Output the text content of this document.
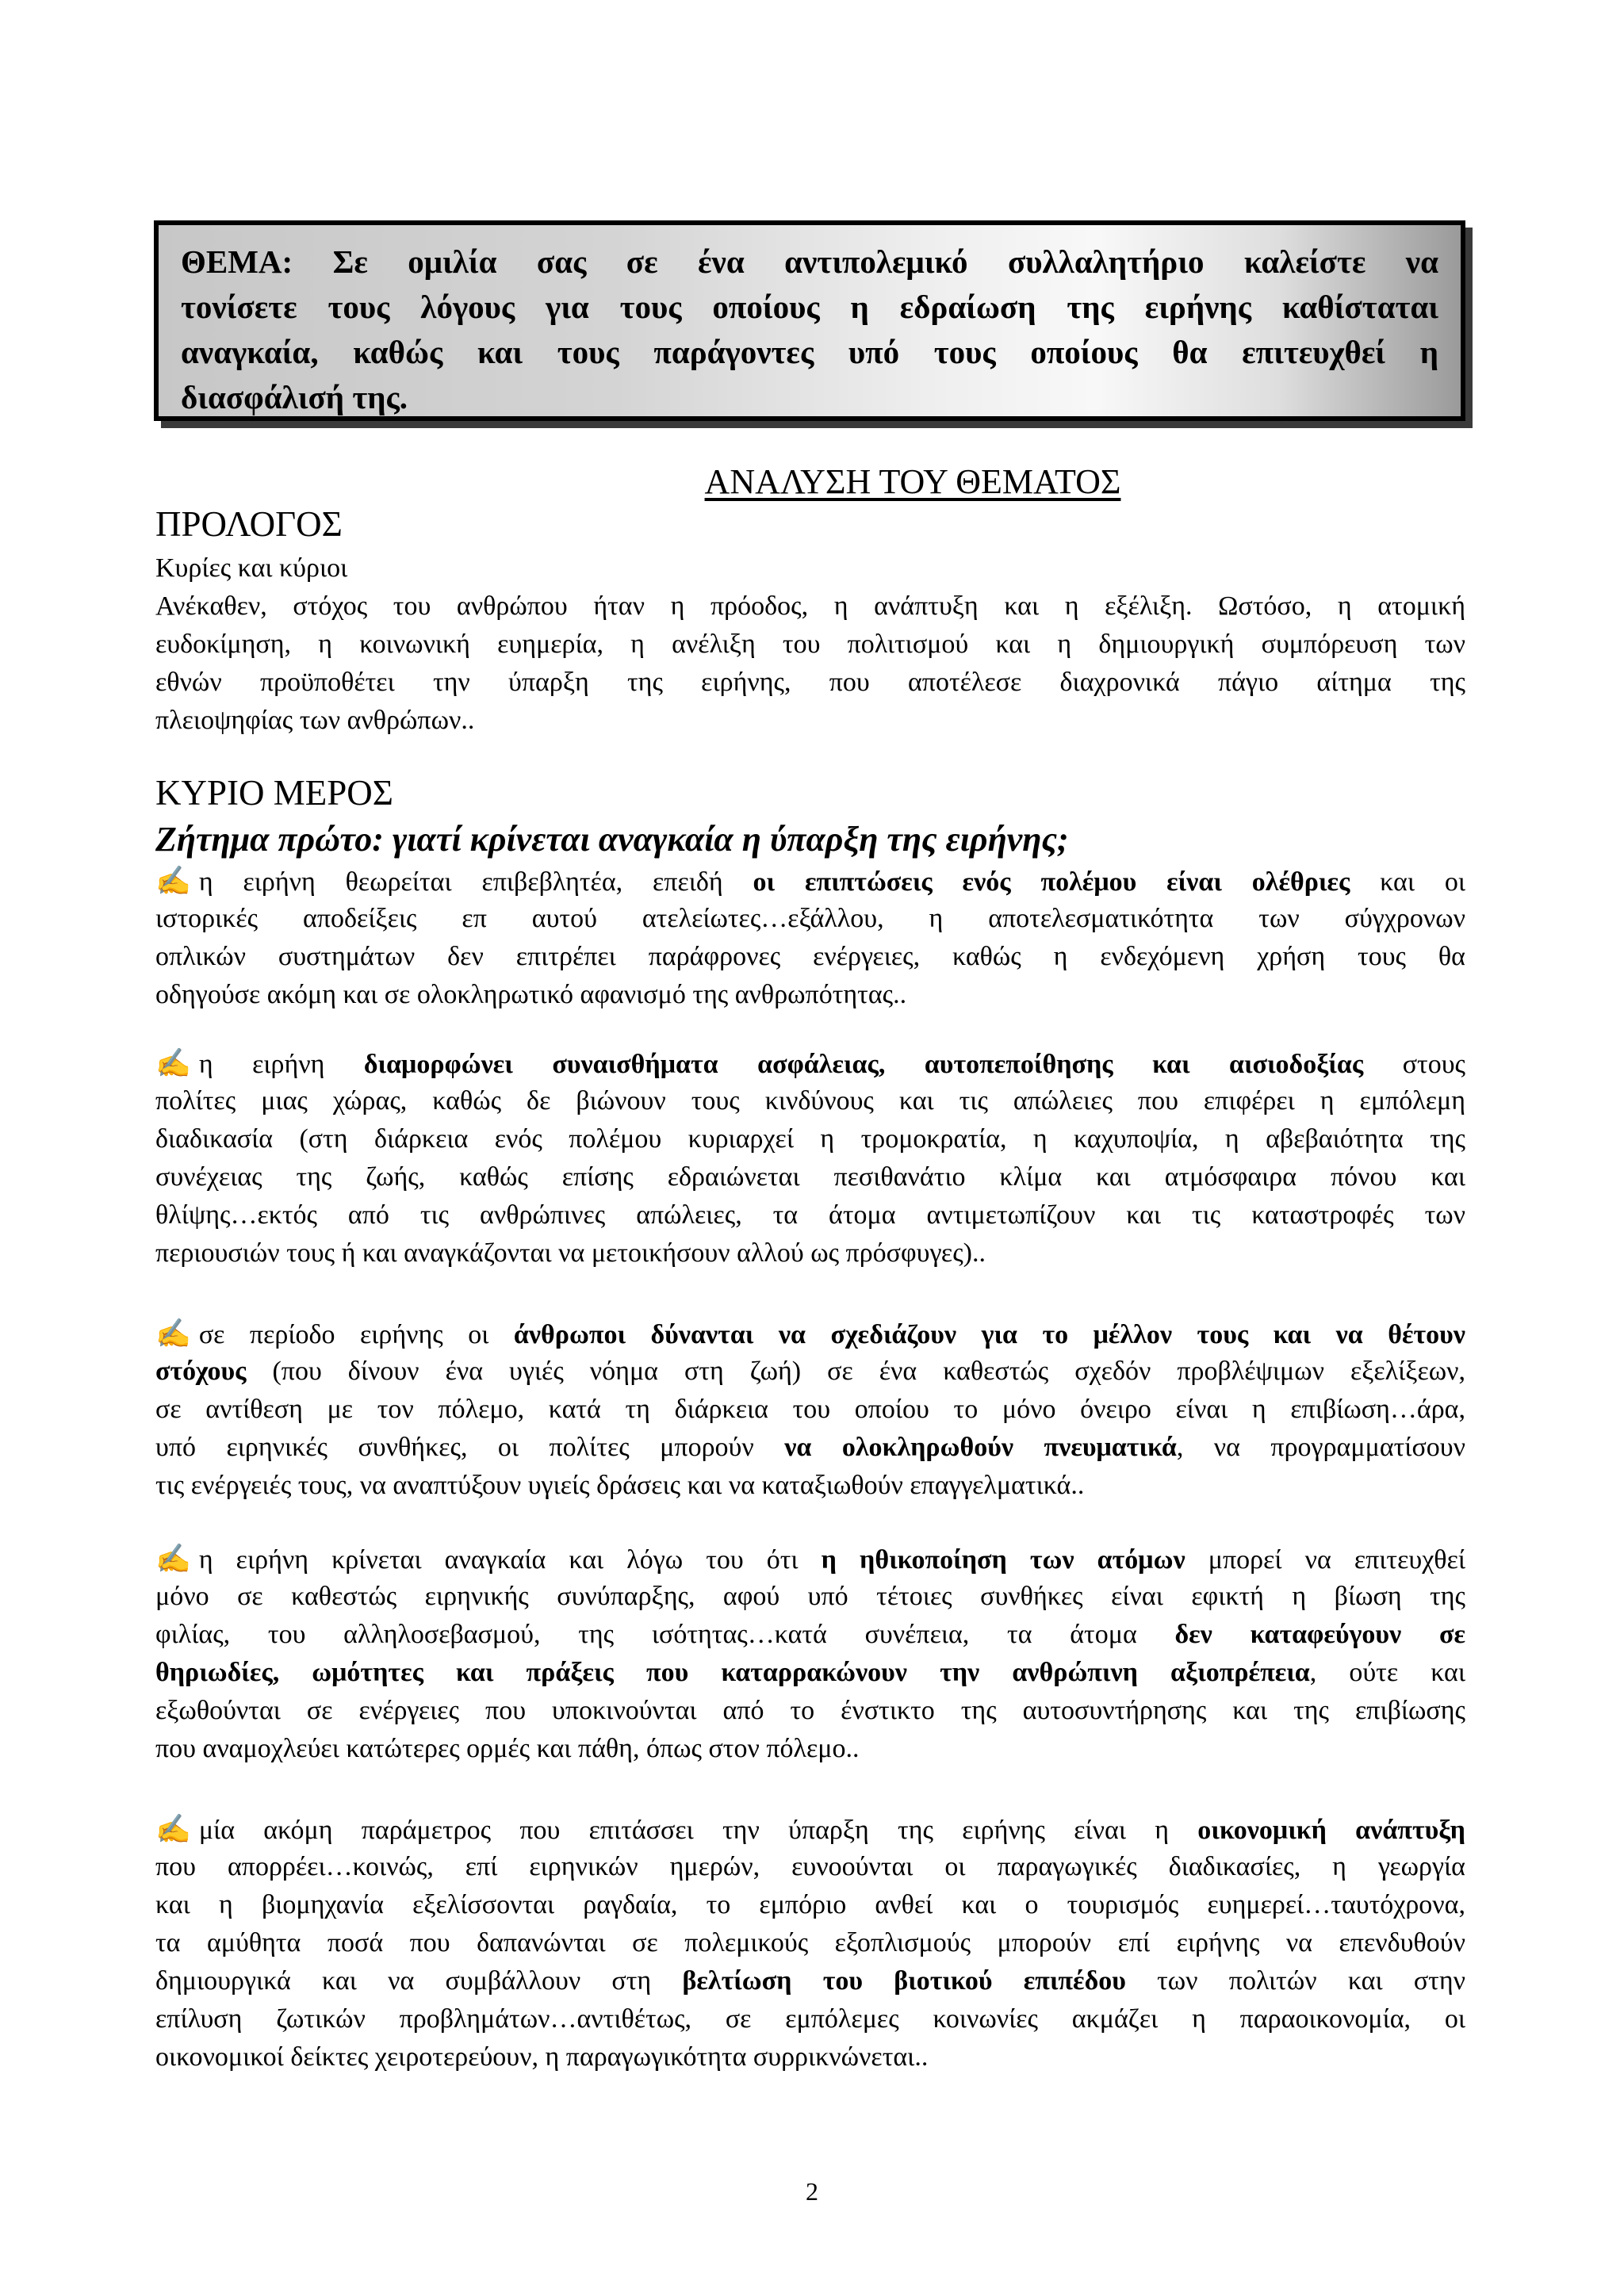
ΘΕΜΑ: Σε ομιλία σας σε ένα αντιπολεμικό συλλαλητήριο καλείστε να
τονίσετε τους λόγους για τους οποίους η εδραίωση της ειρήνης καθίσταται
αναγκαία, καθώς και τους παράγοντες υπό τους οποίους θα επιτευχθεί η
διασφάλισή της.
ΑΝΑΛΥΣΗ ΤΟΥ ΘΕΜΑΤΟΣ
ΠΡΟΛΟΓΟΣ
Κυρίες και κύριοι
Ανέκαθεν, στόχος του ανθρώπου ήταν η πρόοδος, η ανάπτυξη και η εξέλιξη. Ωστόσο, η ατομική
ευδοκίμηση, η κοινωνική ευημερία, η ανέλιξη του πολιτισμού και η δημιουργική συμπόρευση των
εθνών προϋποθέτει την ύπαρξη της ειρήνης, που αποτέλεσε διαχρονικά πάγιο αίτημα της
πλειοψηφίας των ανθρώπων..
ΚΥΡΙΟ ΜΕΡΟΣ
Ζήτημα πρώτο: γιατί κρίνεται αναγκαία η ύπαρξη της ειρήνης;
✍ η ειρήνη θεωρείται επιβεβλητέα, επειδή οι επιπτώσεις ενός πολέμου είναι ολέθριες και οι
ιστορικές αποδείξεις επ αυτού ατελείωτες…εξάλλου, η αποτελεσματικότητα των σύγχρονων
οπλικών συστημάτων δεν επιτρέπει παράφρονες ενέργειες, καθώς η ενδεχόμενη χρήση τους θα
οδηγούσε ακόμη και σε ολοκληρωτικό αφανισμό της ανθρωπότητας..
✍ η ειρήνη διαμορφώνει συναισθήματα ασφάλειας, αυτοπεποίθησης και αισιοδοξίας στους
πολίτες μιας χώρας, καθώς δε βιώνουν τους κινδύνους και τις απώλειες που επιφέρει η εμπόλεμη
διαδικασία (στη διάρκεια ενός πολέμου κυριαρχεί η τρομοκρατία, η καχυποψία, η αβεβαιότητα της
συνέχειας της ζωής, καθώς επίσης εδραιώνεται πεσιθανάτιο κλίμα και ατμόσφαιρα πόνου και
θλίψης…εκτός από τις ανθρώπινες απώλειες, τα άτομα αντιμετωπίζουν και τις καταστροφές των
περιουσιών τους ή και αναγκάζονται να μετοικήσουν αλλού ως πρόσφυγες)..
✍ σε περίοδο ειρήνης οι άνθρωποι δύνανται να σχεδιάζουν για το μέλλον τους και να θέτουν
στόχους (που δίνουν ένα υγιές νόημα στη ζωή) σε ένα καθεστώς σχεδόν προβλέψιμων εξελίξεων,
σε αντίθεση με τον πόλεμο, κατά τη διάρκεια του οποίου το μόνο όνειρο είναι η επιβίωση…άρα,
υπό ειρηνικές συνθήκες, οι πολίτες μπορούν να ολοκληρωθούν πνευματικά, να προγραμματίσουν
τις ενέργειές τους, να αναπτύξουν υγιείς δράσεις και να καταξιωθούν επαγγελματικά..
✍ η ειρήνη κρίνεται αναγκαία και λόγω του ότι η ηθικοποίηση των ατόμων μπορεί να επιτευχθεί
μόνο σε καθεστώς ειρηνικής συνύπαρξης, αφού υπό τέτοιες συνθήκες είναι εφικτή η βίωση της
φιλίας, του αλληλοσεβασμού, της ισότητας…κατά συνέπεια, τα άτομα δεν καταφεύγουν σε
θηριωδίες, ωμότητες και πράξεις που καταρρακώνουν την ανθρώπινη αξιοπρέπεια, ούτε και
εξωθούνται σε ενέργειες που υποκινούνται από το ένστικτο της αυτοσυντήρησης και της επιβίωσης
που αναμοχλεύει κατώτερες ορμές και πάθη, όπως στον πόλεμο..
✍ μία ακόμη παράμετρος που επιτάσσει την ύπαρξη της ειρήνης είναι η οικονομική ανάπτυξη
που απορρέει…κοινώς, επί ειρηνικών ημερών, ευνοούνται οι παραγωγικές διαδικασίες, η γεωργία
και η βιομηχανία εξελίσσονται ραγδαία, το εμπόριο ανθεί και ο τουρισμός ευημερεί…ταυτόχρονα,
τα αμύθητα ποσά που δαπανώνται σε πολεμικούς εξοπλισμούς μπορούν επί ειρήνης να επενδυθούν
δημιουργικά και να συμβάλλουν στη βελτίωση του βιοτικού επιπέδου των πολιτών και στην
επίλυση ζωτικών προβλημάτων…αντιθέτως, σε εμπόλεμες κοινωνίες ακμάζει η παραοικονομία, οι
οικονομικοί δείκτες χειροτερεύουν, η παραγωγικότητα συρρικνώνεται..
2
